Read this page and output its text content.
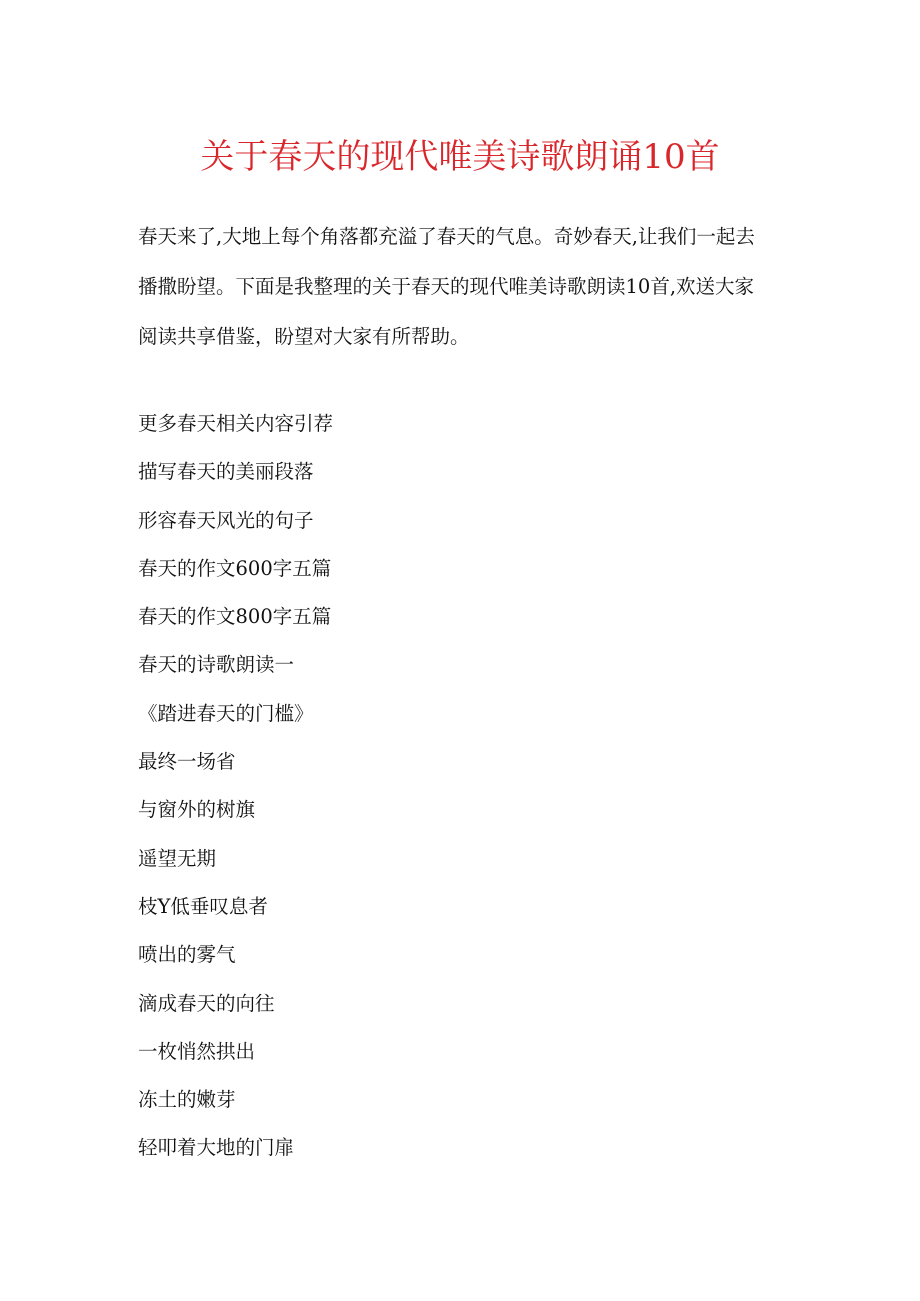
关于春天的现代唯美诗歌朗诵10首

春天来了,大地上每个角落都充溢了春天的气息。奇妙春天,让我们一起去
播撒盼望。下面是我整理的关于春天的现代唯美诗歌朗读10首,欢送大家
阅读共享借鉴，盼望对大家有所帮助。

更多春天相关内容引荐
描写春天的美丽段落
形容春天风光的句子
春天的作文600字五篇
春天的作文800字五篇
春天的诗歌朗读一
《踏进春天的门槛》
最终一场省
与窗外的树旗
遥望无期
枝Y低垂叹息者
喷出的雾气
滴成春天的向往
一枚悄然拱出
冻土的嫩芽
轻叩着大地的门扉
